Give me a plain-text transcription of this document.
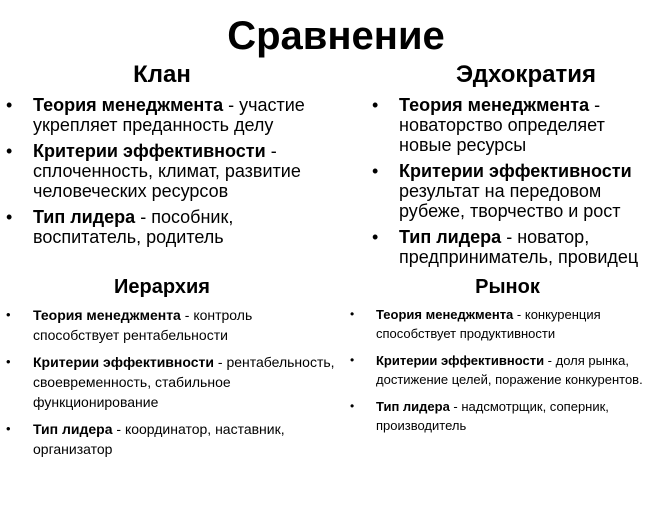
Сравнение
Клан
• Теория менеджмента - участие укрепляет преданность делу
• Критерии эффективности - сплоченность, климат, развитие человеческих ресурсов
• Тип лидера - пособник, воспитатель, родитель
Эдхократия
• Теория менеджмента -
новаторство определяет
новые ресурсы
• Критерии эффективности
результат на передовом
рубеже, творчество и рост
• Тип лидера - новатор,
предприниматель, провидец
Иерархия
• Теория менеджмента - контроль способствует рентабельности
• Критерии эффективности - рентабельность, своевременность, стабильное функционирование
• Тип лидера - координатор, наставник, организатор
Рынок
• Теория менеджмента - конкуренция способствует продуктивности
• Критерии эффективности - доля рынка, достижение целей, поражение конкурентов.
• Тип лидера - надсмотрщик, соперник, производитель
